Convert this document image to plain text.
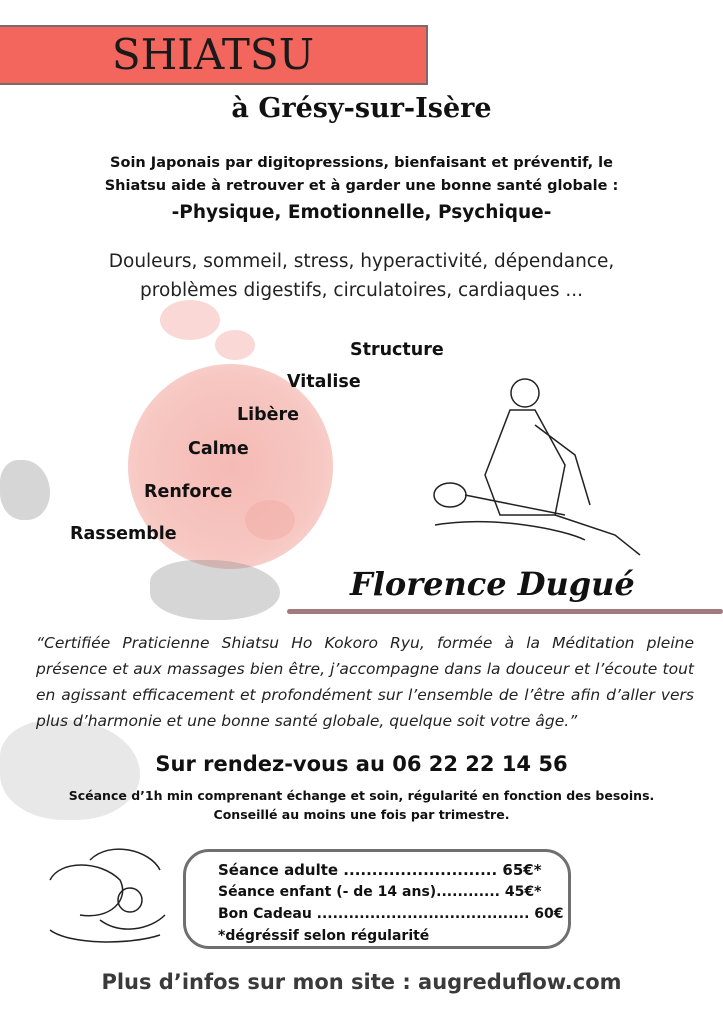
SHIATSU
à Grésy-sur-Isère
Soin Japonais par digitopressions, bienfaisant et préventif, le
Shiatsu aide à retrouver et à garder une bonne santé globale :
-Physique, Emotionnelle, Psychique-
Douleurs, sommeil, stress, hyperactivité, dépendance,
problèmes digestifs, circulatoires, cardiaques ...
Structure
Vitalise
Libère
Calme
Renforce
Rassemble
Florence Dugué
“Certifiée Praticienne Shiatsu Ho Kokoro Ryu, formée à la Méditation pleine présence et aux massages bien être, j’accompagne dans la douceur et l’écoute tout en agissant efficacement et profondément sur l’ensemble de l’être afin d’aller vers plus d’harmonie et une bonne santé globale, quelque soit votre âge.”
Sur rendez-vous au 06 22 22 14 56
Scéance d’1h min comprenant échange et soin, régularité en fonction des besoins.
Conseillé au moins une fois par trimestre.
Séance adulte ........................... 65€*
Séance enfant (- de 14 ans)............ 45€*
Bon Cadeau ........................................ 60€
*dégréssif selon régularité
Plus d’infos sur mon site : augreduflow.com
